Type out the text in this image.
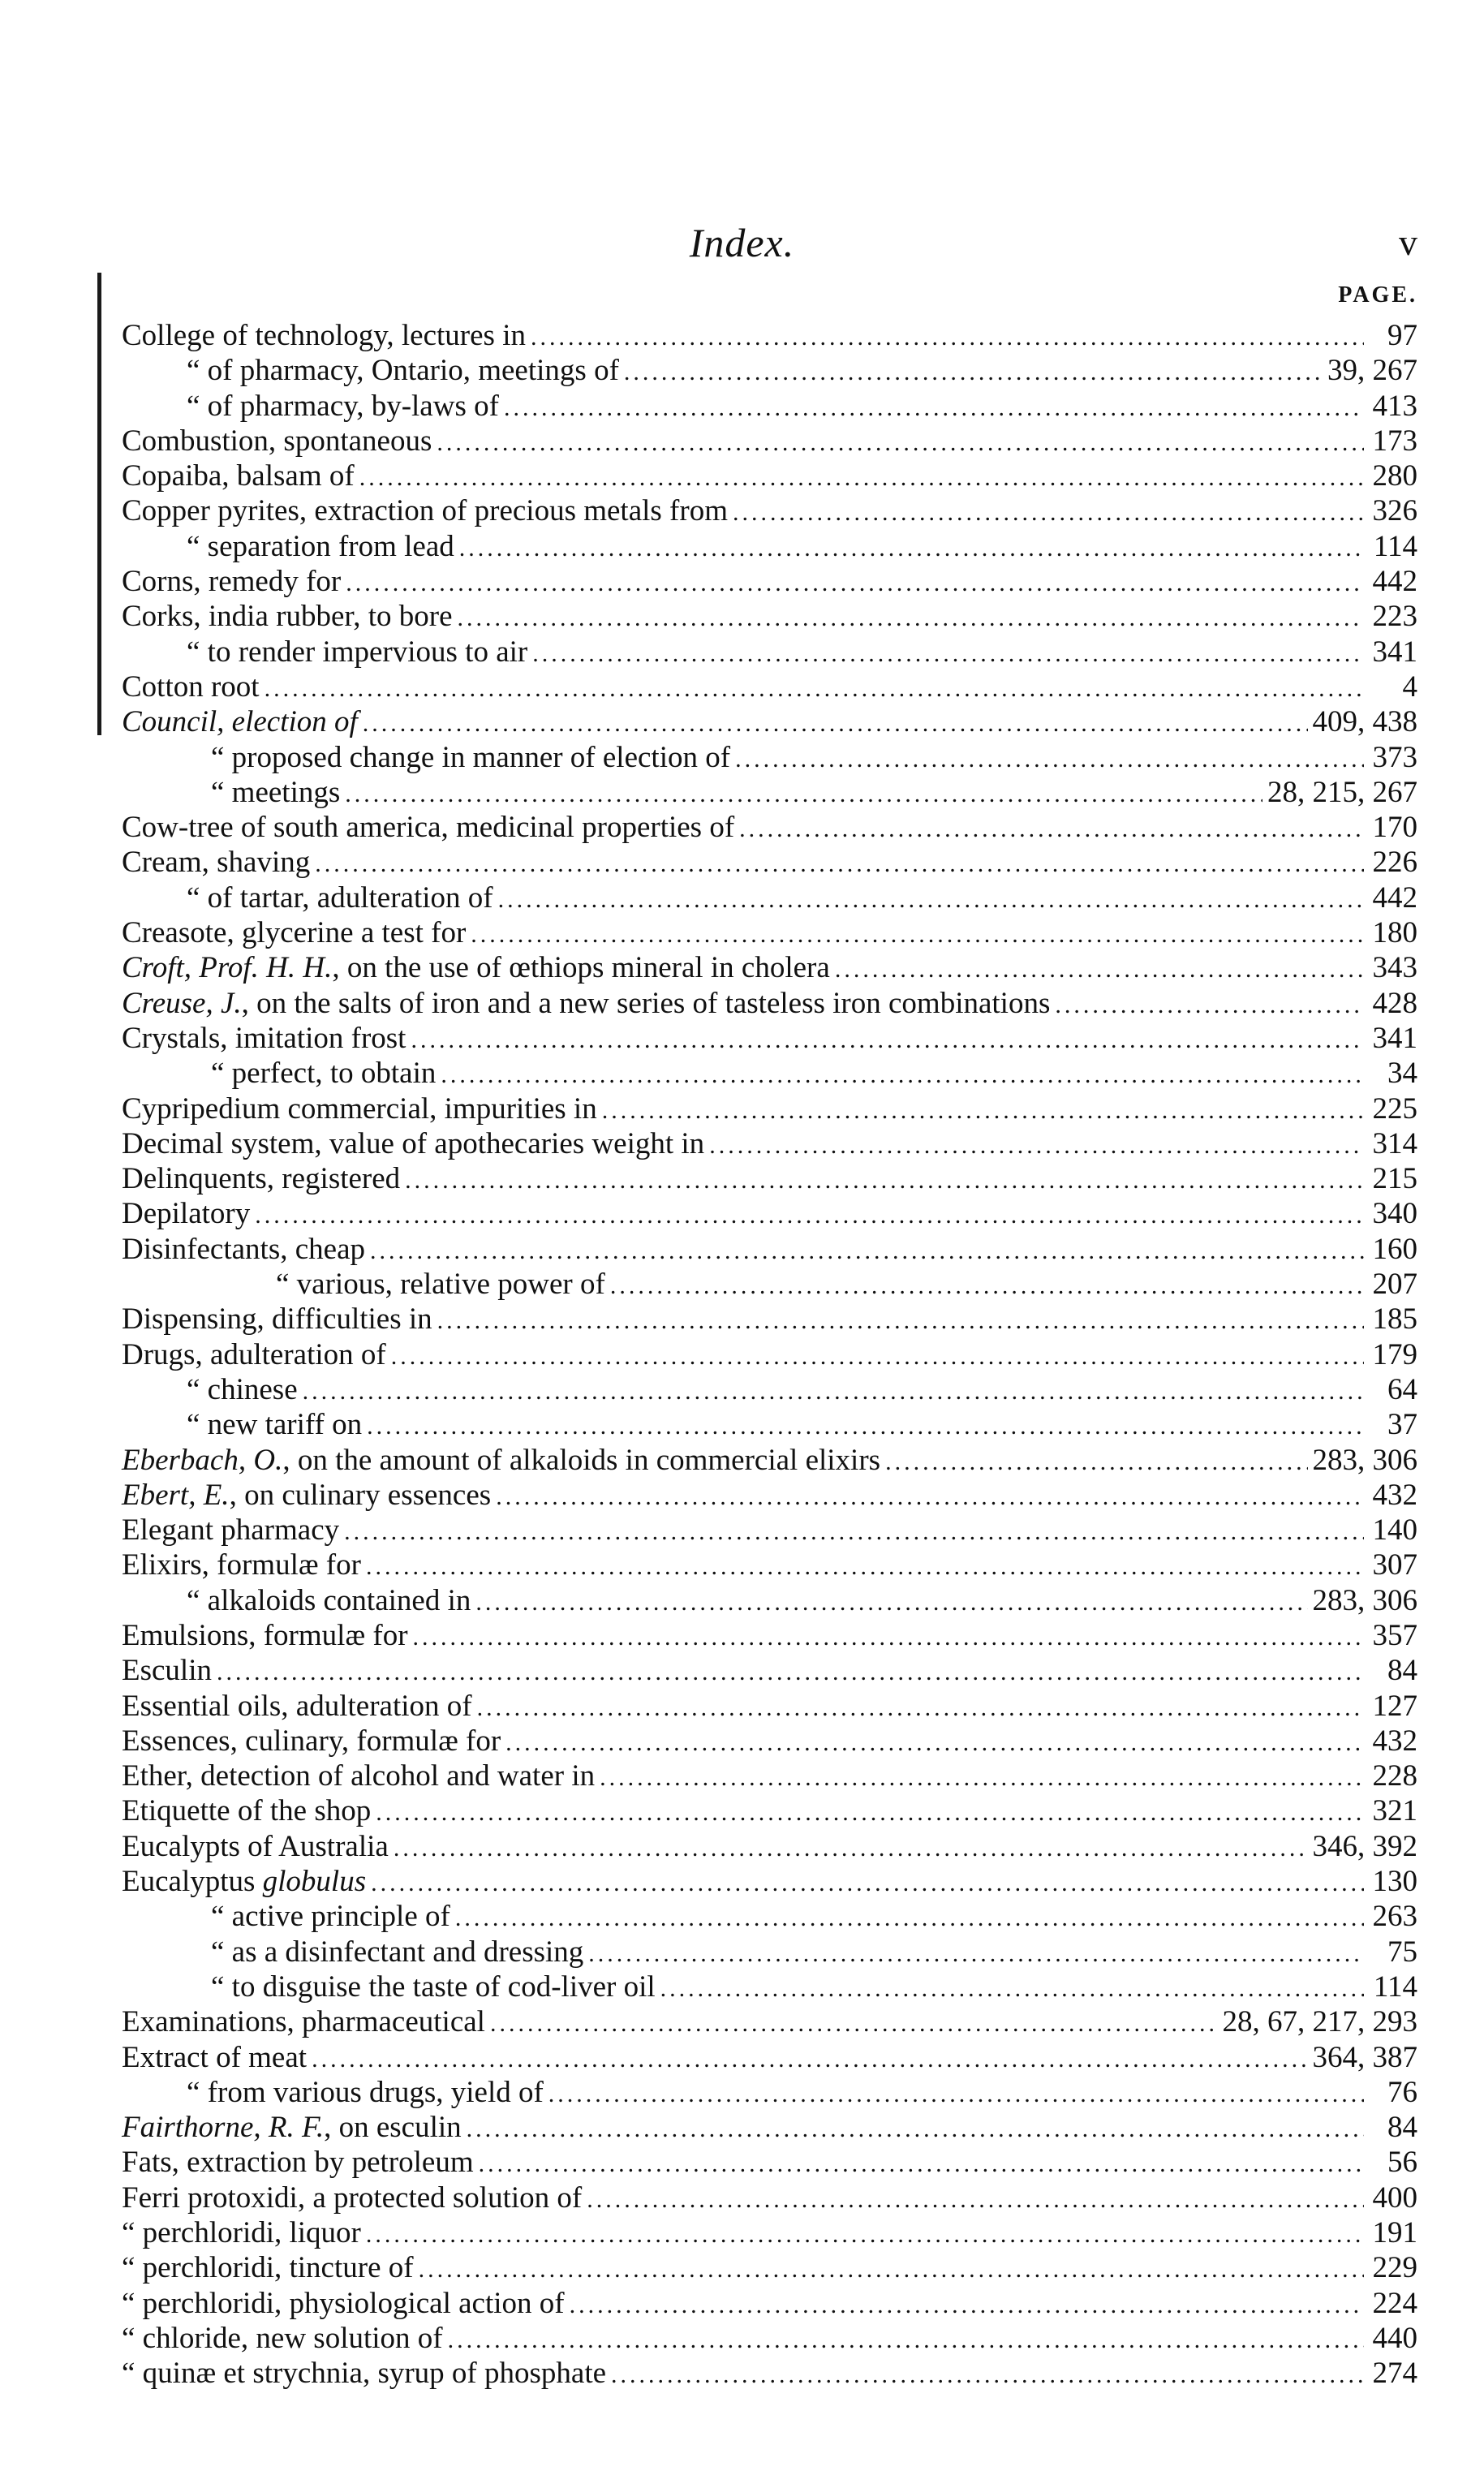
Index.	v
PAGE.
College of technology, lectures in .....	97
“ of pharmacy, Ontario, meetings of .....	39, 267
“ of pharmacy, by-laws of .....	413
Combustion, spontaneous .....	173
Copaiba, balsam of .....	280
Copper pyrites, extraction of precious metals from .....	326
“ separation from lead .....	114
Corns, remedy for .....	442
Corks, india rubber, to bore .....	223
“ to render impervious to air .....	341
Cotton root .....	4
Council, election of .....	409, 438
“ proposed change in manner of election of .....	373
“ meetings .....	28, 215, 267
Cow-tree of south america, medicinal properties of .....	170
Cream, shaving .....	226
“ of tartar, adulteration of .....	442
Creasote, glycerine a test for .....	180
Croft, Prof. H. H., on the use of œthiops mineral in cholera .....	343
Creuse, J., on the salts of iron and a new series of tasteless iron combinations .....	428
Crystals, imitation frost .....	341
“ perfect, to obtain .....	34
Cypripedium commercial, impurities in .....	225
Decimal system, value of apothecaries weight in .....	314
Delinquents, registered .....	215
Depilatory .....	340
Disinfectants, cheap .....	160
“ various, relative power of .....	207
Dispensing, difficulties in .....	185
Drugs, adulteration of .....	179
“ chinese .....	64
“ new tariff on .....	37
Eberbach, O., on the amount of alkaloids in commercial elixirs .....	283, 306
Ebert, E., on culinary essences .....	432
Elegant pharmacy .....	140
Elixirs, formulæ for .....	307
“ alkaloids contained in .....	283, 306
Emulsions, formulæ for .....	357
Esculin .....	84
Essential oils, adulteration of .....	127
Essences, culinary, formulæ for .....	432
Ether, detection of alcohol and water in .....	228
Etiquette of the shop .....	321
Eucalypts of Australia .....	346, 392
Eucalyptus globulus .....	130
“ active principle of .....	263
“ as a disinfectant and dressing .....	75
“ to disguise the taste of cod-liver oil .....	114
Examinations, pharmaceutical .....	28, 67, 217, 293
Extract of meat .....	364, 387
“ from various drugs, yield of .....	76
Fairthorne, R. F., on esculin .....	84
Fats, extraction by petroleum .....	56
Ferri protoxidi, a protected solution of .....	400
“ perchloridi, liquor .....	191
“ perchloridi, tincture of .....	229
“ perchloridi, physiological action of .....	224
“ chloride, new solution of .....	440
“ quinæ et strychnia, syrup of phosphate .....	274
